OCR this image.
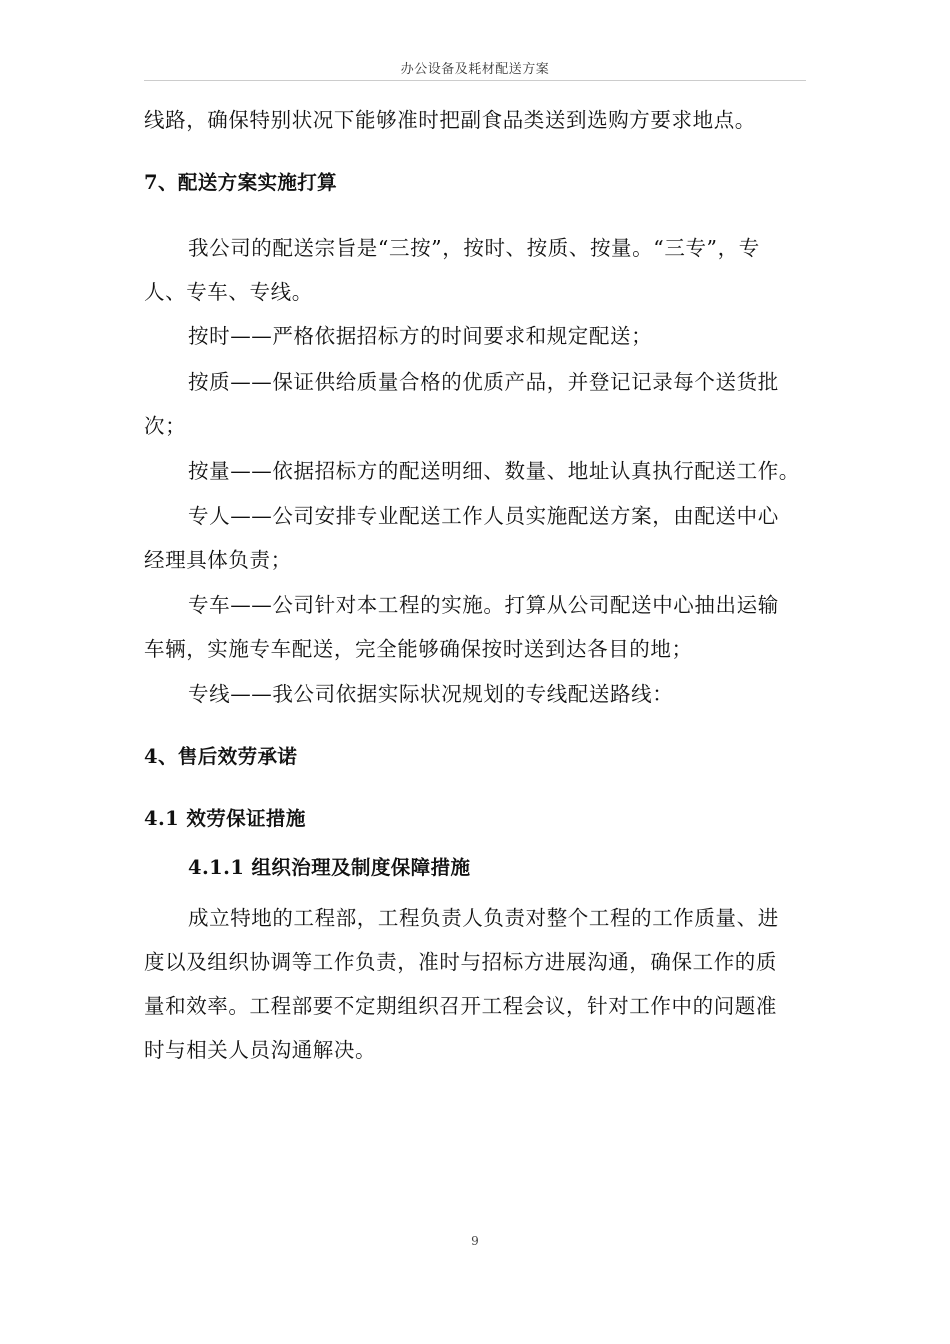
办公设备及耗材配送方案

线路，确保特别状况下能够准时把副食品类送到选购方要求地点。

7、配送方案实施打算

我公司的配送宗旨是“三按”，按时、按质、按量。“三专”，专

人、专车、专线。

按时——严格依据招标方的时间要求和规定配送；

按质——保证供给质量合格的优质产品，并登记记录每个送货批

次；

按量——依据招标方的配送明细、数量、地址认真执行配送工作。

专人——公司安排专业配送工作人员实施配送方案，由配送中心

经理具体负责；

专车——公司针对本工程的实施。打算从公司配送中心抽出运输

车辆，实施专车配送，完全能够确保按时送到达各目的地；

专线——我公司依据实际状况规划的专线配送路线：

4、售后效劳承诺
4.1 效劳保证措施
4.1.1 组织治理及制度保障措施

成立特地的工程部，工程负责人负责对整个工程的工作质量、进

度以及组织协调等工作负责，准时与招标方进展沟通，确保工作的质

量和效率。工程部要不定期组织召开工程会议，针对工作中的问题准

时与相关人员沟通解决。

9
